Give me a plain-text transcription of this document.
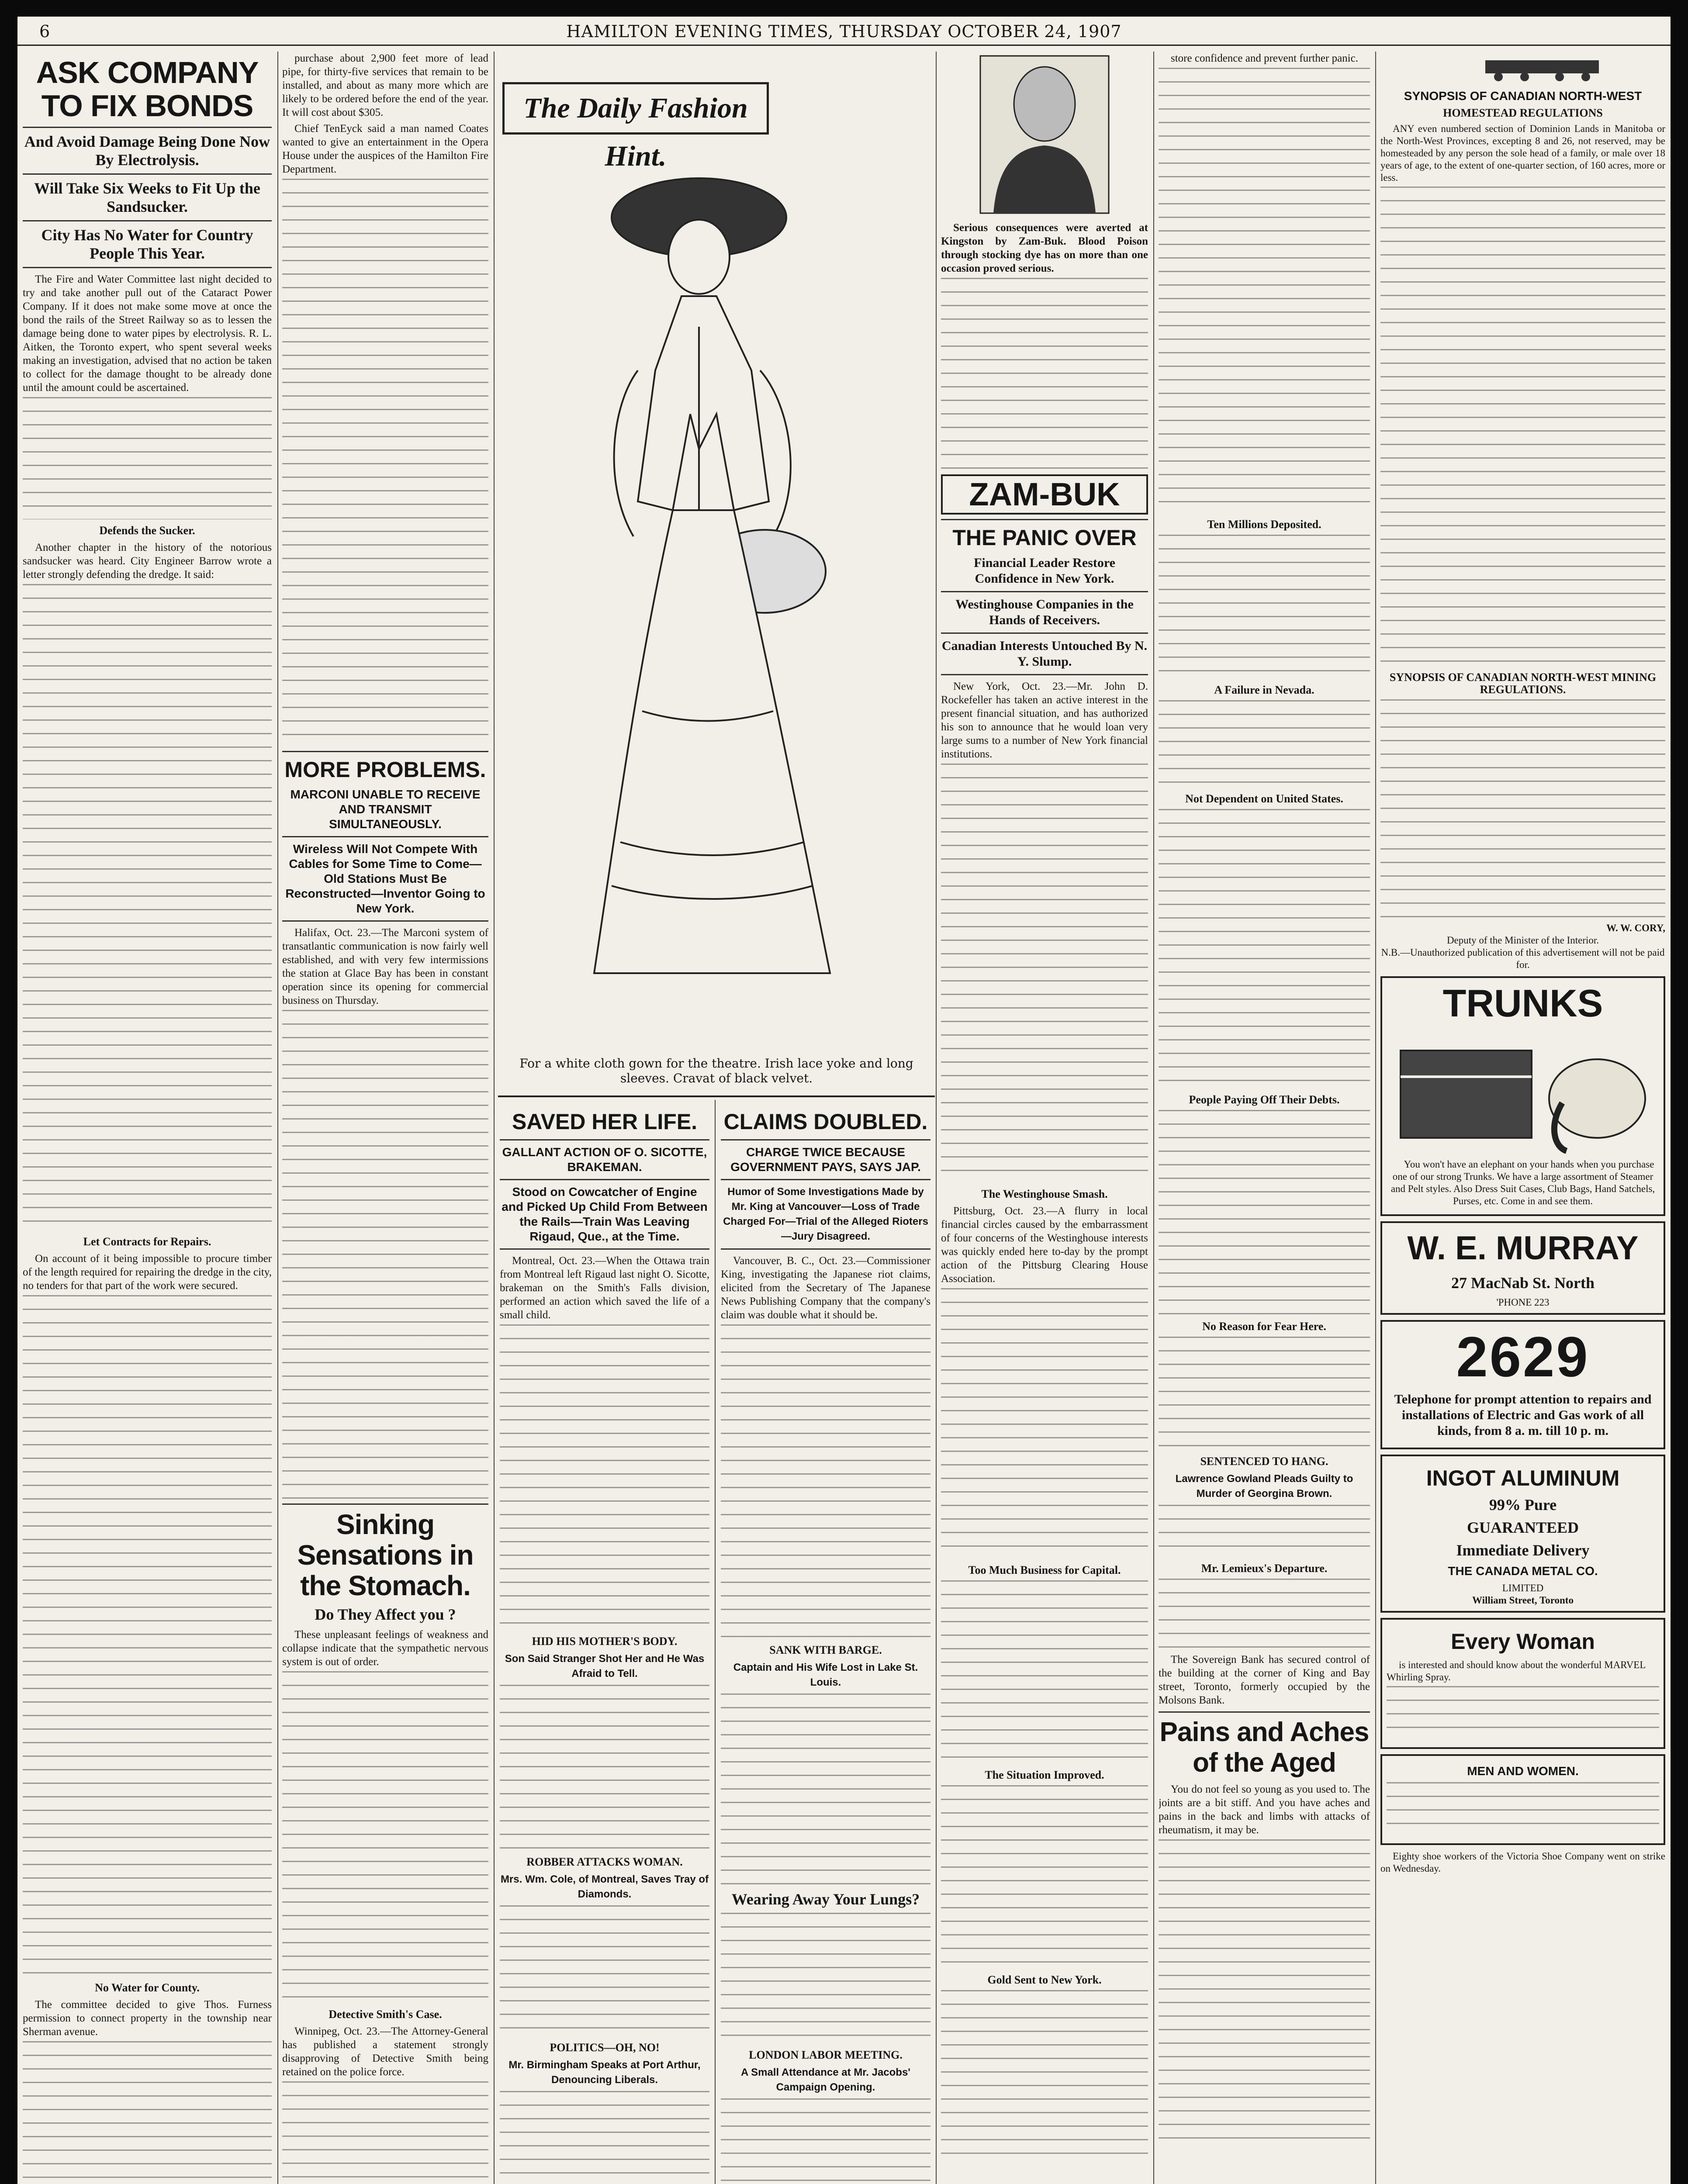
6	HAMILTON EVENING TIMES, THURSDAY OCTOBER 24, 1907
ASK COMPANY TO FIX BONDS
And Avoid Damage Being Done Now By Electrolysis.
Will Take Six Weeks to Fit Up the Sandsucker.
City Has No Water for Country People This Year.

The Fire and Water Committee last night decided to try and take another pull out of the Cataract Power Company. If it does not make some move at once the bond the rails of the Street Railway so as to lessen the damage being done to water pipes by electrolysis. R. L. Aitken, the Toronto expert, who spent several weeks making an investigation, advised that no action be taken to collect for the damage thought to be already done until the amount could be ascertained.

Defends the Sucker.

Another chapter in the history of the notorious sandsucker was heard. City Engineer Barrow wrote a letter strongly defending the dredge. It said:

Let Contracts for Repairs.

On account of it being impossible to procure timber of the length required for repairing the dredge in the city, no tenders for that part of the work were secured.

No Water for County.

The committee decided to give Thos. Furness permission to connect property in the township near Sherman avenue.

purchase about 2,900 feet more of lead pipe, for thirty-five services that remain to be installed, and about as many more which are likely to be ordered before the end of the year. It will cost about $305.

Chief TenEyck said a man named Coates wanted to give an entertainment in the Opera House under the auspices of the Hamilton Fire Department.

MORE PROBLEMS.
MARCONI UNABLE TO RECEIVE AND TRANSMIT SIMULTANEOUSLY.
Wireless Will Not Compete With Cables for Some Time to Come—Old Stations Must Be Reconstructed—Inventor Going to New York.

Halifax, Oct. 23.—The Marconi system of transatlantic communication is now fairly well established, and with very few intermissions the station at Glace Bay has been in constant operation since its opening for commercial business on Thursday.

Sinking Sensations in the Stomach.
Do They Affect you ?

These unpleasant feelings of weakness and collapse indicate that the sympathetic nervous system is out of order.

Detective Smith's Case.

Winnipeg, Oct. 23.—The Attorney-General has published a statement strongly disapproving of Detective Smith being retained on the police force.

The Daily Fashion Hint.
For a white cloth gown for the theatre. Irish lace yoke and long sleeves. Cravat of black velvet.
SAVED HER LIFE.
GALLANT ACTION OF O. SICOTTE, BRAKEMAN.
Stood on Cowcatcher of Engine and Picked Up Child From Between the Rails—Train Was Leaving Rigaud, Que., at the Time.

Montreal, Oct. 23.—When the Ottawa train from Montreal left Rigaud last night O. Sicotte, brakeman on the Smith's Falls division, performed an action which saved the life of a small child.

HID HIS MOTHER'S BODY.
Son Said Stranger Shot Her and He Was Afraid to Tell.
ROBBER ATTACKS WOMAN.
Mrs. Wm. Cole, of Montreal, Saves Tray of Diamonds.
POLITICS—OH, NO!
Mr. Birmingham Speaks at Port Arthur, Denouncing Liberals.
CLAIMS DOUBLED.
CHARGE TWICE BECAUSE GOVERNMENT PAYS, SAYS JAP.
Humor of Some Investigations Made by Mr. King at Vancouver—Loss of Trade Charged For—Trial of the Alleged Rioters—Jury Disagreed.

Vancouver, B. C., Oct. 23.—Commissioner King, investigating the Japanese riot claims, elicited from the Secretary of The Japanese News Publishing Company that the company's claim was double what it should be.

SANK WITH BARGE.
Captain and His Wife Lost in Lake St. Louis.
Wearing Away Your Lungs?
LONDON LABOR MEETING.
A Small Attendance at Mr. Jacobs' Campaign Opening.

Serious consequences were averted at Kingston by Zam-Buk. Blood Poison through stocking dye has on more than one occasion proved serious.

ZAM-BUK
THE PANIC OVER
Financial Leader Restore Confidence in New York.
Westinghouse Companies in the Hands of Receivers.
Canadian Interests Untouched By N. Y. Slump.

New York, Oct. 23.—Mr. John D. Rockefeller has taken an active interest in the present financial situation, and has authorized his son to announce that he would loan very large sums to a number of New York financial institutions.

The Westinghouse Smash.

Pittsburg, Oct. 23.—A flurry in local financial circles caused by the embarrassment of four concerns of the Westinghouse interests was quickly ended here to-day by the prompt action of the Pittsburg Clearing House Association.

Too Much Business for Capital.
The Situation Improved.
Gold Sent to New York.

store confidence and prevent further panic.

Ten Millions Deposited.
A Failure in Nevada.
Not Dependent on United States.
People Paying Off Their Debts.
No Reason for Fear Here.
SENTENCED TO HANG.
Lawrence Gowland Pleads Guilty to Murder of Georgina Brown.
Mr. Lemieux's Departure.

The Sovereign Bank has secured control of the building at the corner of King and Bay street, Toronto, formerly occupied by the Molsons Bank.

Pains and Aches of the Aged

You do not feel so young as you used to. The joints are a bit stiff. And you have aches and pains in the back and limbs with attacks of rheumatism, it may be.

SYNOPSIS OF CANADIAN NORTH-WEST
HOMESTEAD REGULATIONS

ANY even numbered section of Dominion Lands in Manitoba or the North-West Provinces, excepting 8 and 26, not reserved, may be homesteaded by any person the sole head of a family, or male over 18 years of age, to the extent of one-quarter section, of 160 acres, more or less.

SYNOPSIS OF CANADIAN NORTH-WEST MINING REGULATIONS.
W. W. CORY,
Deputy of the Minister of the Interior.
N.B.—Unauthorized publication of this advertisement will not be paid for.
TRUNKS

You won't have an elephant on your hands when you purchase one of our strong Trunks. We have a large assortment of Steamer and Pelt styles. Also Dress Suit Cases, Club Bags, Hand Satchels, Purses, etc. Come in and see them.

W. E. MURRAY
27 MacNab St. North
'PHONE 223
2629
Telephone for prompt attention to repairs and installations of Electric and Gas work of all kinds, from 8 a. m. till 10 p. m.
INGOT ALUMINUM
99% Pure
GUARANTEED
Immediate Delivery
THE CANADA METAL CO.
LIMITED
William Street, Toronto
Every Woman

is interested and should know about the wonderful MARVEL Whirling Spray.

MEN AND WOMEN.

Eighty shoe workers of the Victoria Shoe Company went on strike on Wednesday.
